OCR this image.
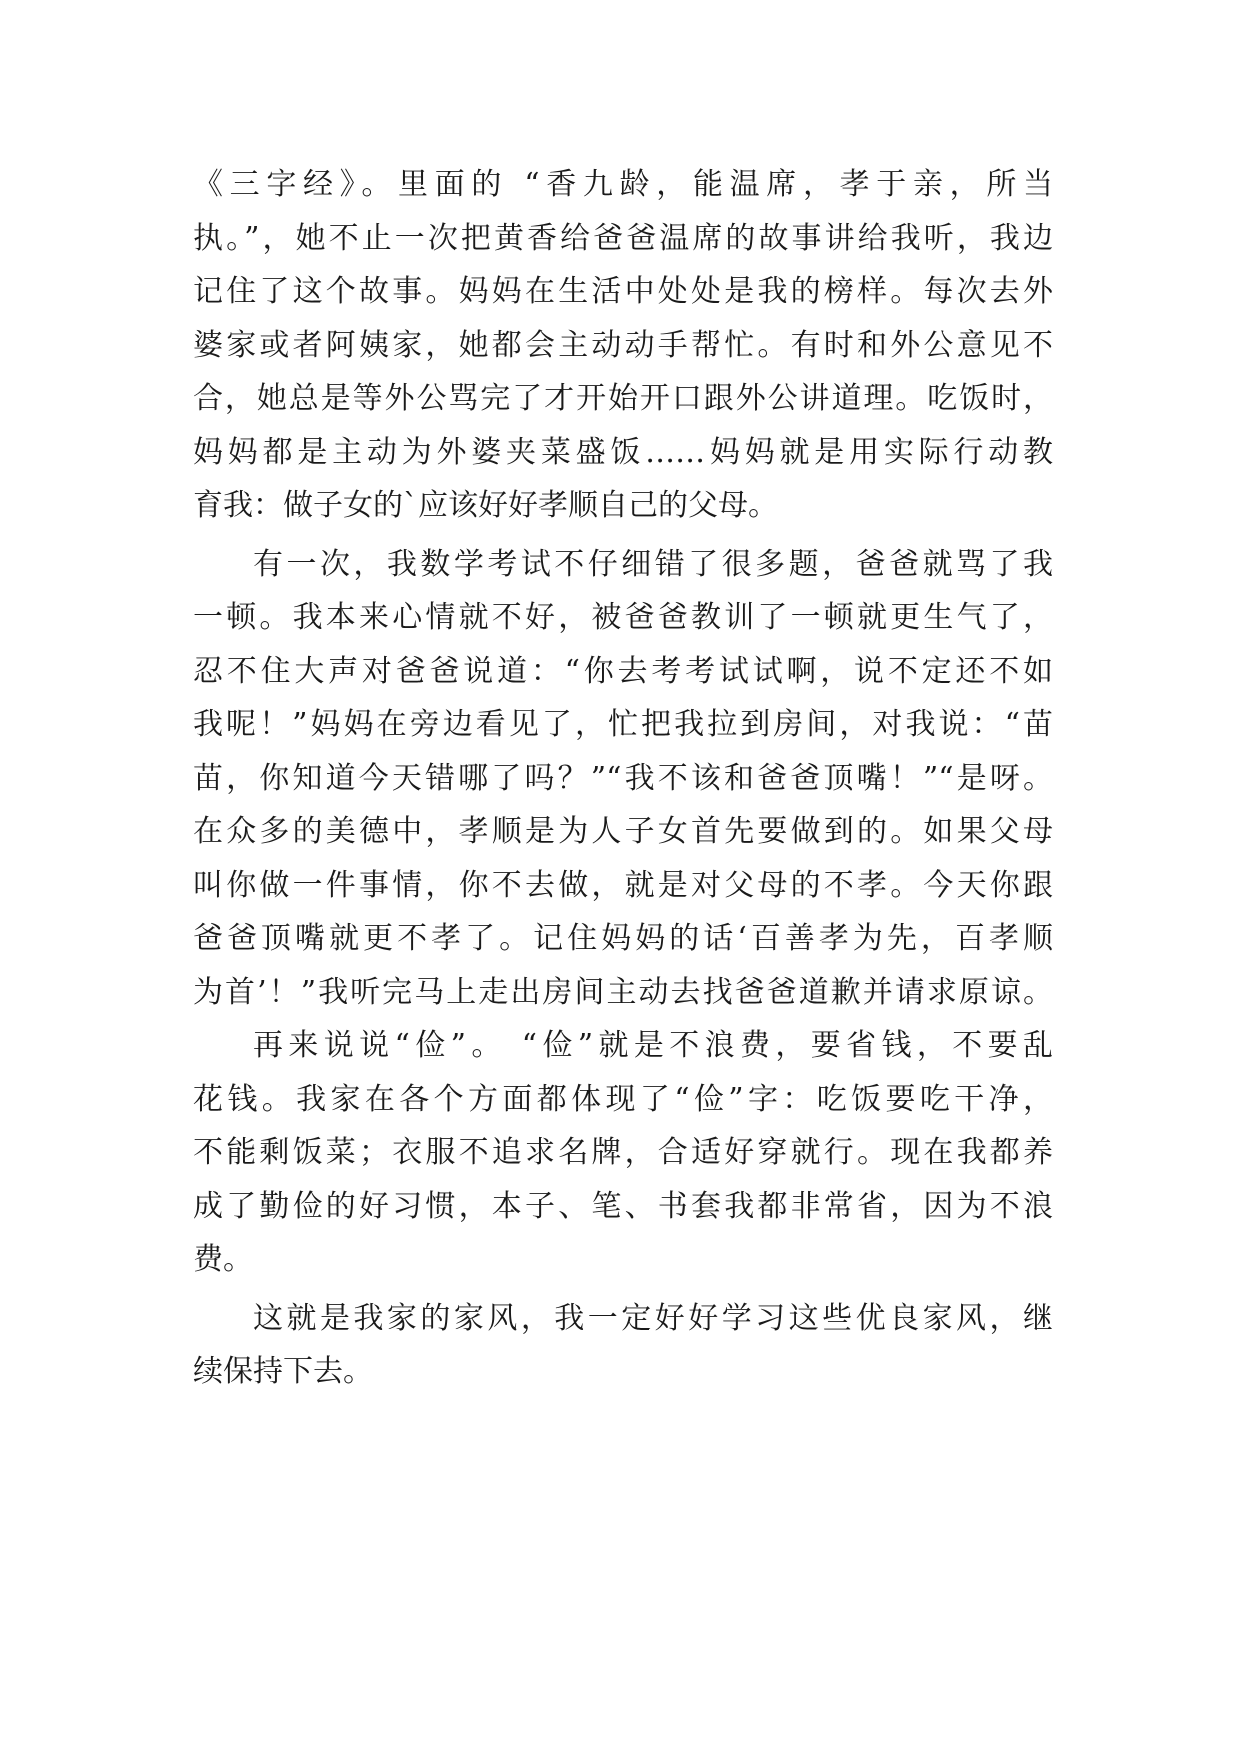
《三字经》。里面的 “香九龄，能温席，孝于亲，所当
执。”，她不止一次把黄香给爸爸温席的故事讲给我听，我边
记住了这个故事。妈妈在生活中处处是我的榜样。每次去外
婆家或者阿姨家，她都会主动动手帮忙。有时和外公意见不
合，她总是等外公骂完了才开始开口跟外公讲道理。吃饭时，
妈妈都是主动为外婆夹菜盛饭……妈妈就是用实际行动教
育我：做子女的`应该好好孝顺自己的父母。
有一次，我数学考试不仔细错了很多题，爸爸就骂了我
一顿。我本来心情就不好，被爸爸教训了一顿就更生气了，
忍不住大声对爸爸说道：“你去考考试试啊，说不定还不如
我呢！”妈妈在旁边看见了，忙把我拉到房间，对我说：“苗
苗，你知道今天错哪了吗？”“我不该和爸爸顶嘴！”“是呀。
在众多的美德中，孝顺是为人子女首先要做到的。如果父母
叫你做一件事情，你不去做，就是对父母的不孝。今天你跟
爸爸顶嘴就更不孝了。记住妈妈的话‘百善孝为先，百孝顺
为首’！”我听完马上走出房间主动去找爸爸道歉并请求原谅。
再来说说“俭”。 “俭”就是不浪费，要省钱，不要乱
花钱。我家在各个方面都体现了“俭”字：吃饭要吃干净，
不能剩饭菜；衣服不追求名牌，合适好穿就行。现在我都养
成了勤俭的好习惯，本子、笔、书套我都非常省，因为不浪
费。
这就是我家的家风，我一定好好学习这些优良家风，继
续保持下去。
